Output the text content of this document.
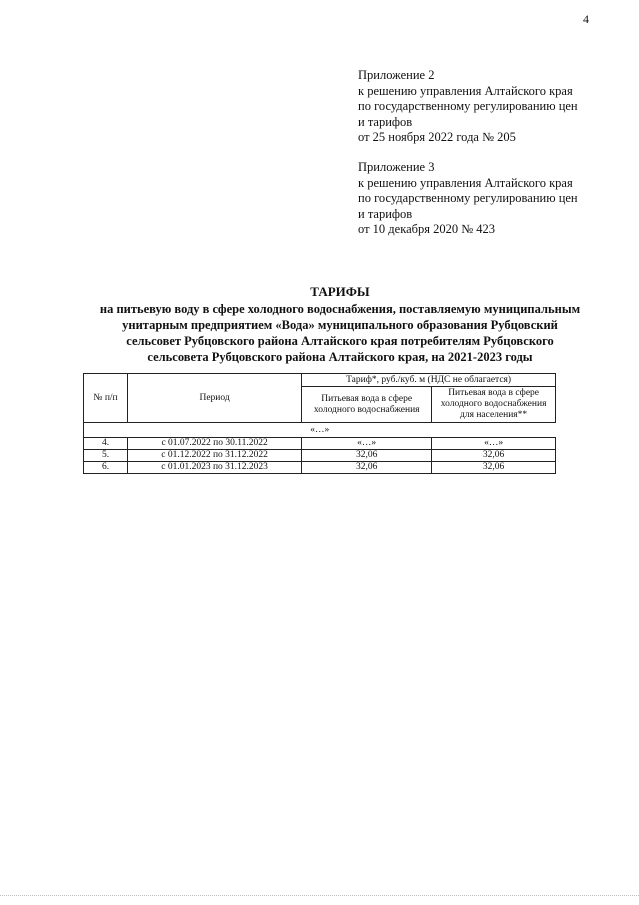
4
Приложение 2
к решению управления Алтайского края
по государственному регулированию цен
и тарифов
от 25 ноября 2022 года № 205
Приложение 3
к решению управления Алтайского края
по государственному регулированию цен
и тарифов
от 10 декабря 2020 № 423
ТАРИФЫ
на питьевую воду в сфере холодного водоснабжения, поставляемую муниципальным
унитарным предприятием «Вода» муниципального образования Рубцовский
сельсовет Рубцовского района Алтайского края потребителям Рубцовского
сельсовета Рубцовского района Алтайского края, на 2021-2023 годы
№ п/п	Период	Тариф*, руб./куб. м (НДС не облагается)	
		Питьевая вода в сфере холодного водоснабжения	Питьевая вода в сфере холодного водоснабжения для населения**
«…»			
4.	с 01.07.2022 по 30.11.2022	«…»	«…»
5.	с 01.12.2022 по 31.12.2022	32,06	32,06
6.	с 01.01.2023 по 31.12.2023	32,06	32,06
